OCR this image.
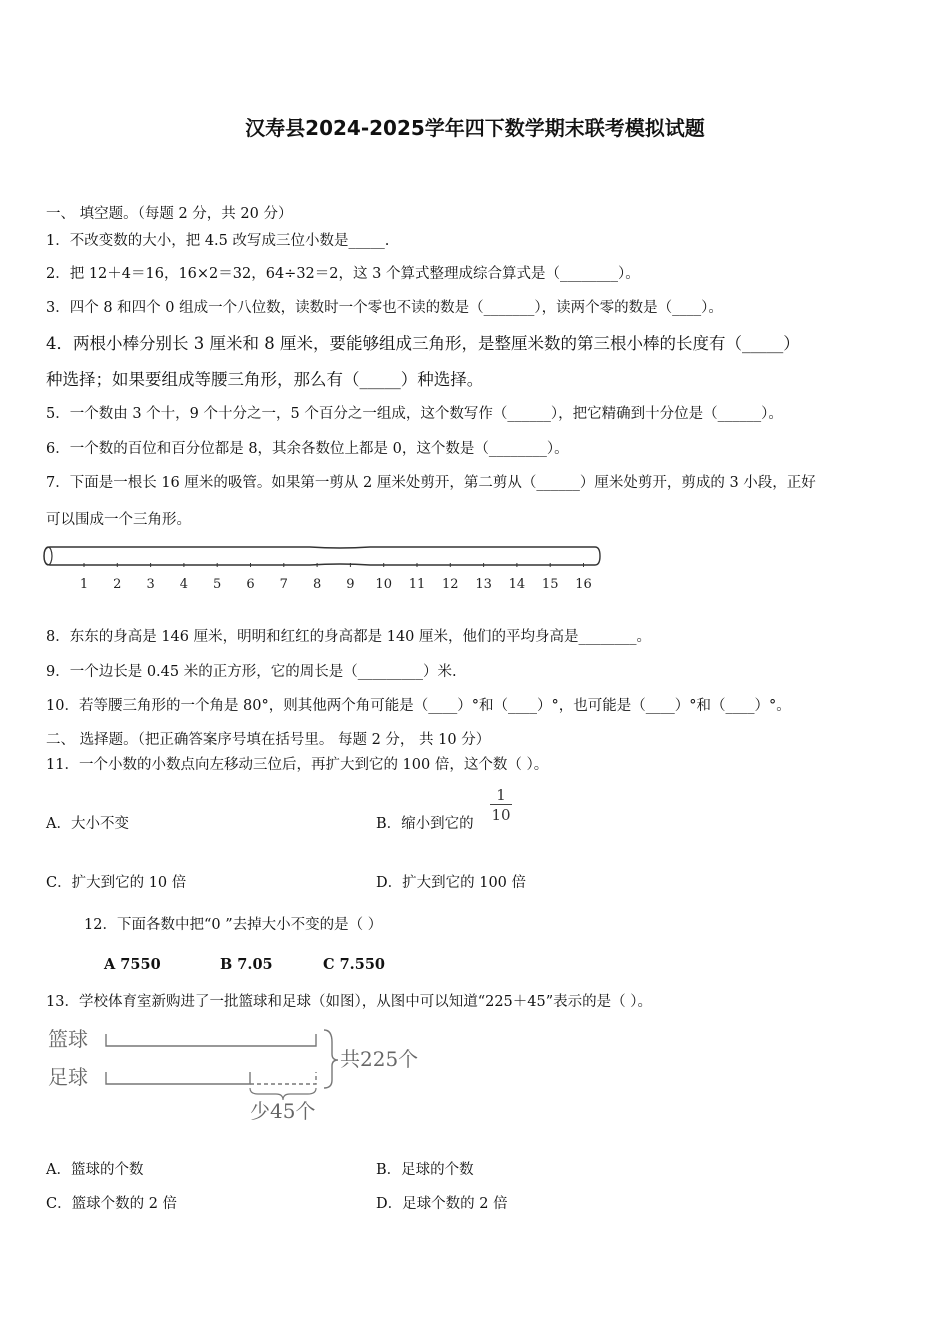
汉寿县2024-2025学年四下数学期末联考模拟试题
一、 填空题。（每题 2 分，共 20 分）
1．不改变数的大小，把 4.5 改写成三位小数是_____.
2．把 12＋4＝16，16×2＝32，64÷32＝2，这 3 个算式整理成综合算式是（________）。
3．四个 8 和四个 0 组成一个八位数，读数时一个零也不读的数是（_______），读两个零的数是（____）。
4．两根小棒分别长 3 厘米和 8 厘米，要能够组成三角形，是整厘米数的第三根小棒的长度有（_____）
种选择；如果要组成等腰三角形，那么有（_____）种选择。
5．一个数由 3 个十，9 个十分之一，5 个百分之一组成，这个数写作（______），把它精确到十分位是（______）。
6．一个数的百位和百分位都是 8，其余各数位上都是 0，这个数是（________）。
7．下面是一根长 16 厘米的吸管。如果第一剪从 2 厘米处剪开，第二剪从（______）厘米处剪开，剪成的 3 小段，正好
可以围成一个三角形。
1 2 3 4 5 6 7 8 9 10 11 12 13 14 15 16
8．东东的身高是 146 厘米，明明和红红的身高都是 140 厘米，他们的平均身高是________。
9．一个边长是 0.45 米的正方形，它的周长是（_________）米.
10．若等腰三角形的一个角是 80°，则其他两个角可能是（____）°和（____）°，也可能是（____）°和（____）°。
二、 选择题。（把正确答案序号填在括号里。 每题 2 分， 共 10 分）
11．一个小数的小数点向左移动三位后，再扩大到它的 100 倍，这个数（ ）。
A．大小不变	B．缩小到它的 $\frac{1}{10}$
C．扩大到它的 10 倍	D．扩大到它的 100 倍
12．下面各数中把“0 ”去掉大小不变的是（ ）
A 7550	B 7.05	C 7.550
13．学校体育室新购进了一批篮球和足球（如图），从图中可以知道“225＋45”表示的是（ ）。
篮球
足球
共225个
少45个
A．篮球的个数	B．足球的个数
C．篮球个数的 2 倍	D．足球个数的 2 倍
